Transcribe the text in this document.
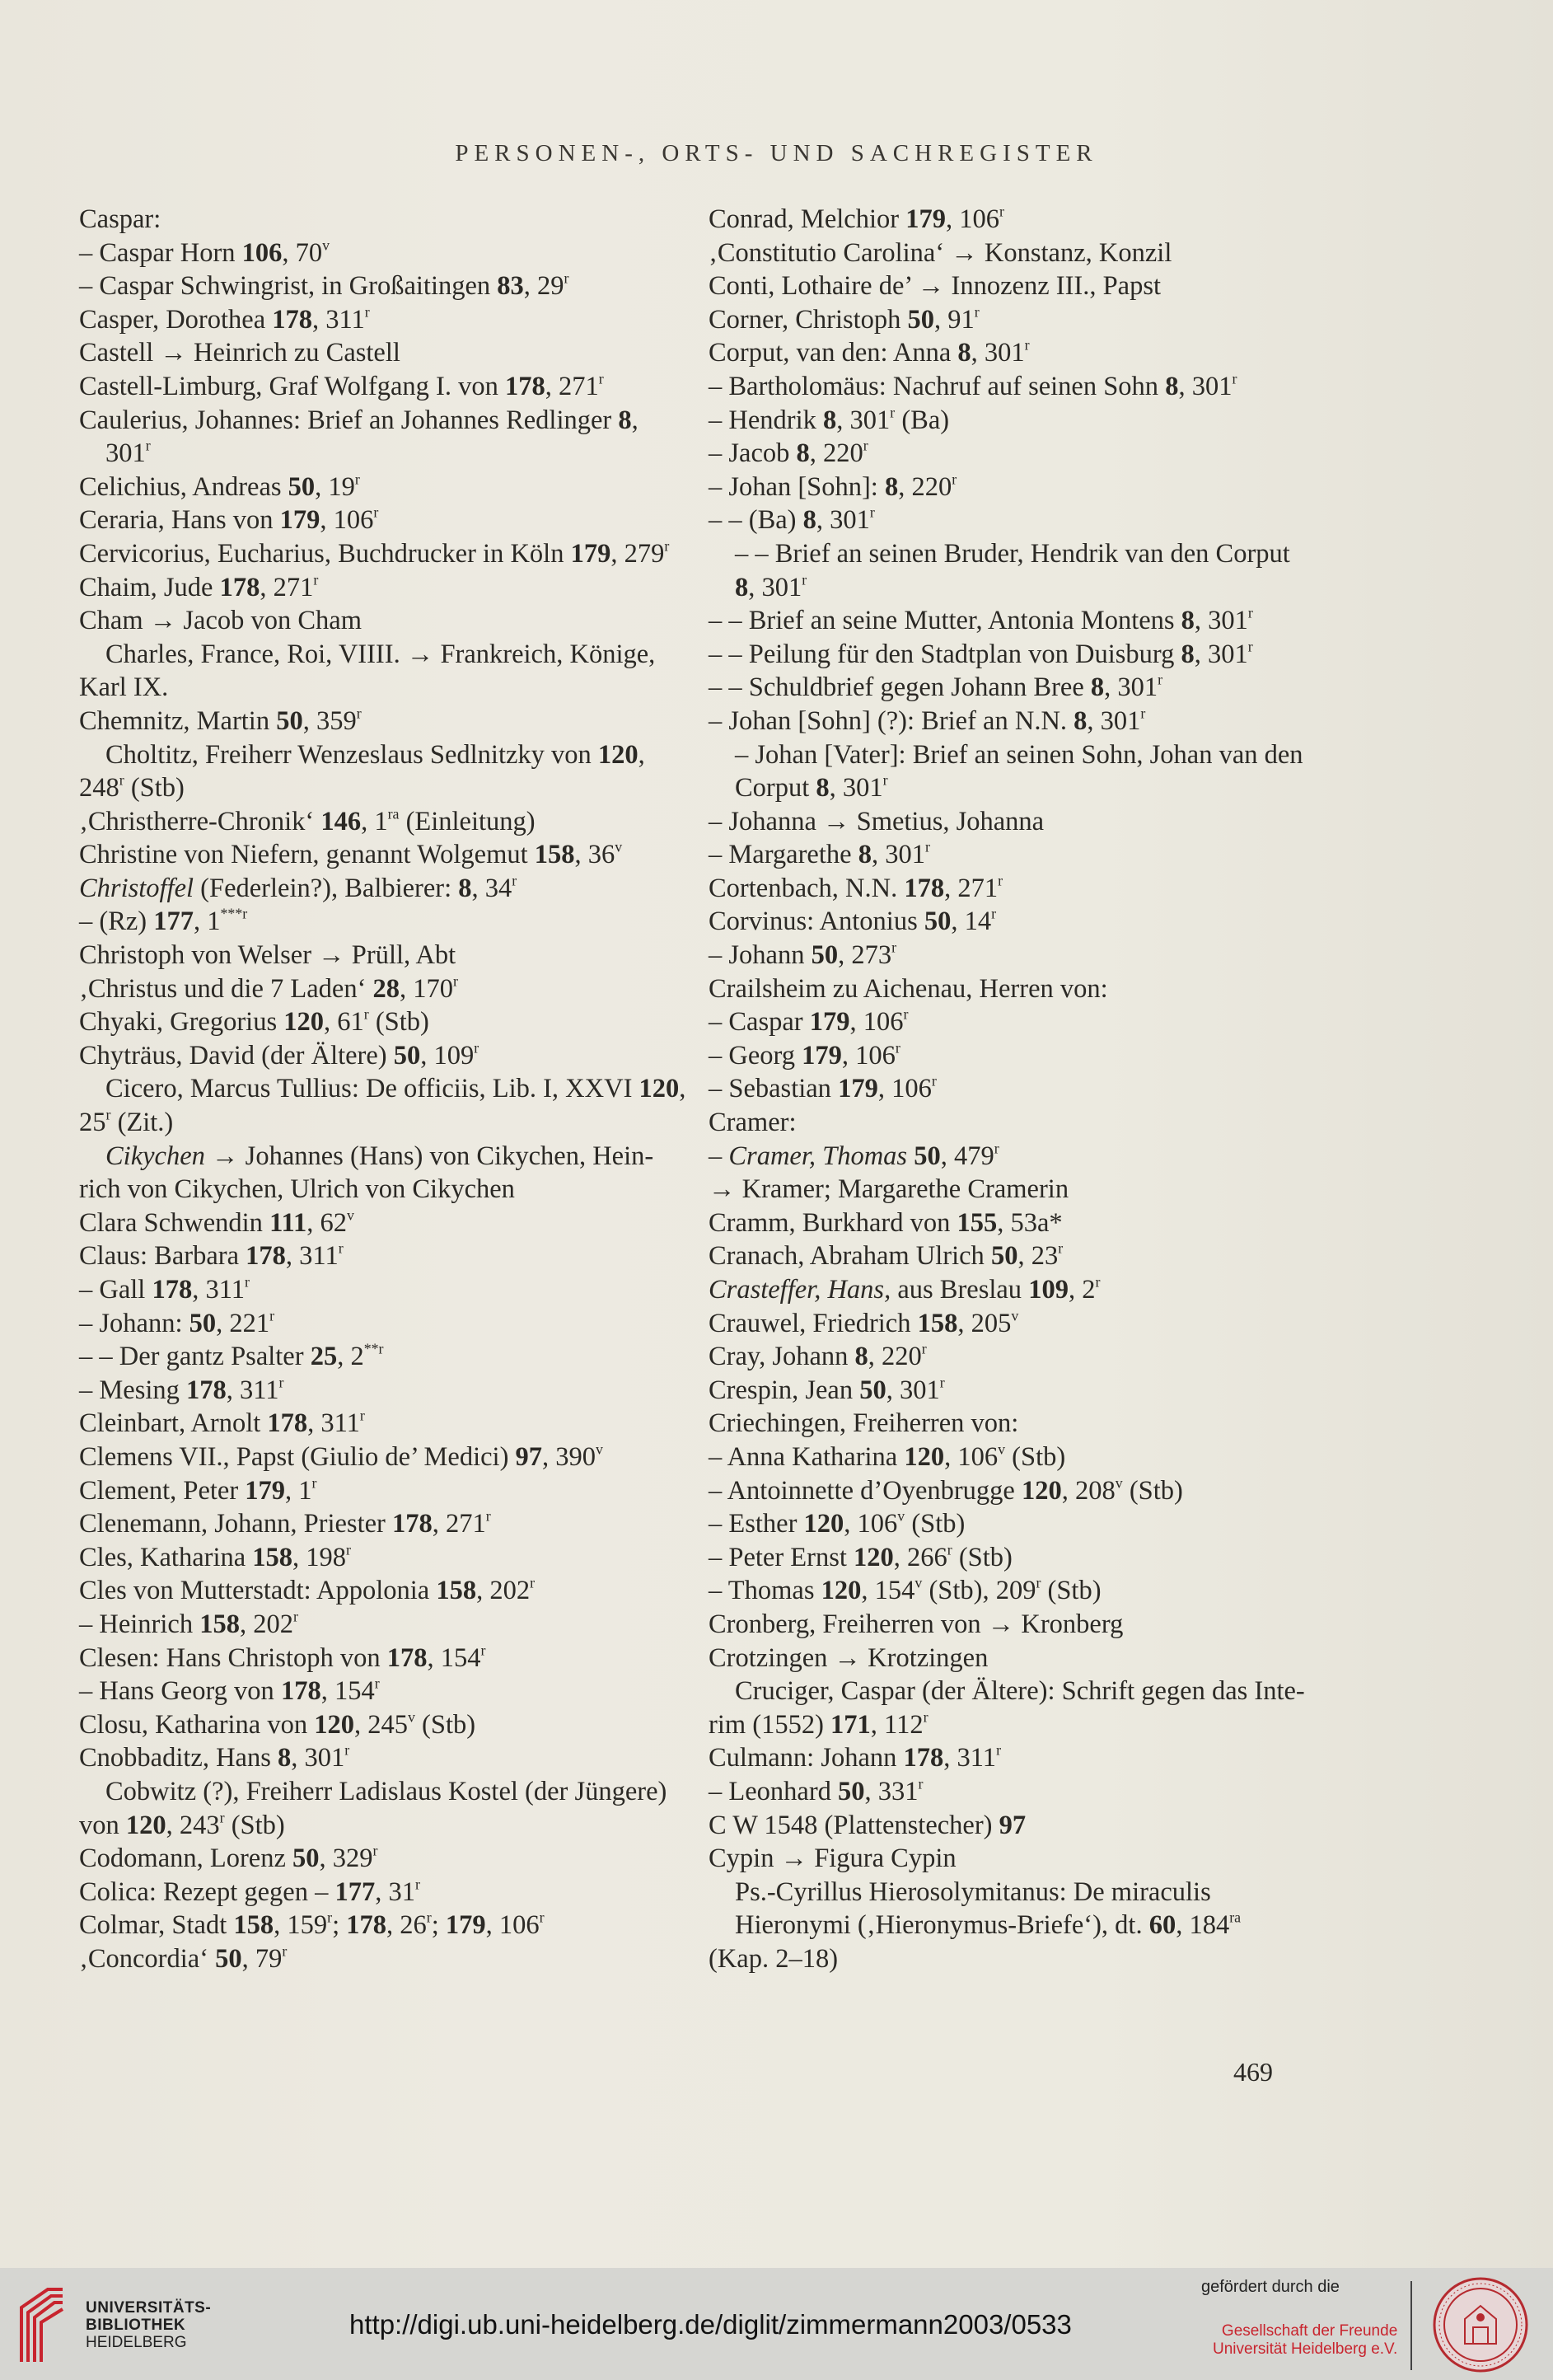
PERSONEN-, ORTS- UND SACHREGISTER
Caspar:
– Caspar Horn 106, 70$^v$
– Caspar Schwingrist, in Großaitingen 83, 29$^r$
Casper, Dorothea 178, 311$^r$
Castell → Heinrich zu Castell
Castell-Limburg, Graf Wolfgang I. von 178, 271$^r$
Caulerius, Johannes: Brief an Johannes Redlinger 8,
301$^r$
Celichius, Andreas 50, 19$^r$
Ceraria, Hans von 179, 106$^r$
Cervicorius, Eucharius, Buchdrucker in Köln 179, 279$^r$
Chaim, Jude 178, 271$^r$
Cham → Jacob von Cham
Charles, France, Roi, VIIII. → Frankreich, Könige,
Karl IX.
Chemnitz, Martin 50, 359$^r$
Choltitz, Freiherr Wenzeslaus Sedlnitzky von 120,
248$^r$ (Stb)
‚Christherre-Chronik‘ 146, $1^{ra}$ (Einleitung)
Christine von Niefern, genannt Wolgemut 158, 36$^v$
Christoffel (Federlein?), Balbierer: 8, 34$^r$
– (Rz) 177, 1$^{***r}$
Christoph von Welser → Prüll, Abt
‚Christus und die 7 Laden‘ 28, 170$^r$
Chyaki, Gregorius 120, 61$^r$ (Stb)
Chyträus, David (der Ältere) 50, 109$^r$
Cicero, Marcus Tullius: De officiis, Lib. I, XXVI 120,
25$^r$ (Zit.)
Cikychen → Johannes (Hans) von Cikychen, Hein-
rich von Cikychen, Ulrich von Cikychen
Clara Schwendin 111, 62$^v$
Claus: Barbara 178, 311$^r$
– Gall 178, 311$^r$
– Johann: 50, 221$^r$
– – Der gantz Psalter 25, 2$^{**r}$
– Mesing 178, 311$^r$
Cleinbart, Arnolt 178, 311$^r$
Clemens VII., Papst (Giulio de’ Medici) 97, 390$^v$
Clement, Peter 179, 1$^r$
Clenemann, Johann, Priester 178, 271$^r$
Cles, Katharina 158, 198$^r$
Cles von Mutterstadt: Appolonia 158, 202$^r$
– Heinrich 158, 202$^r$
Clesen: Hans Christoph von 178, 154$^r$
– Hans Georg von 178, 154$^r$
Closu, Katharina von 120, 245$^v$ (Stb)
Cnobbaditz, Hans 8, 301$^r$
Cobwitz (?), Freiherr Ladislaus Kostel (der Jüngere)
von 120, 243$^r$ (Stb)
Codomann, Lorenz 50, 329$^r$
Colica: Rezept gegen – 177, 31$^r$
Colmar, Stadt 158, 159$^r$; 178, 26$^r$; 179, 106$^r$
‚Concordia‘ 50, 79$^r$
Conrad, Melchior 179, 106$^r$
‚Constitutio Carolina‘ → Konstanz, Konzil
Conti, Lothaire de’ → Innozenz III., Papst
Corner, Christoph 50, 91$^r$
Corput, van den: Anna 8, 301$^r$
– Bartholomäus: Nachruf auf seinen Sohn 8, 301$^r$
– Hendrik 8, 301$^r$ (Ba)
– Jacob 8, 220$^r$
– Johan [Sohn]: 8, 220$^r$
– – (Ba) 8, 301$^r$
– – Brief an seinen Bruder, Hendrik van den Corput
8, 301$^r$
– – Brief an seine Mutter, Antonia Montens 8, 301$^r$
– – Peilung für den Stadtplan von Duisburg 8, 301$^r$
– – Schuldbrief gegen Johann Bree 8, 301$^r$
– Johan [Sohn] (?): Brief an N.N. 8, 301$^r$
– Johan [Vater]: Brief an seinen Sohn, Johan van den
Corput 8, 301$^r$
– Johanna → Smetius, Johanna
– Margarethe 8, 301$^r$
Cortenbach, N.N. 178, 271$^r$
Corvinus: Antonius 50, 14$^r$
– Johann 50, 273$^r$
Crailsheim zu Aichenau, Herren von:
– Caspar 179, 106$^r$
– Georg 179, 106$^r$
– Sebastian 179, 106$^r$
Cramer:
– Cramer, Thomas 50, $479^r$
→ Kramer; Margarethe Cramerin
Cramm, Burkhard von 155, 53a*
Cranach, Abraham Ulrich 50, 23$^r$
Crasteffer, Hans, aus Breslau 109, 2$^r$
Crauwel, Friedrich 158, 205$^v$
Cray, Johann 8, 220$^r$
Crespin, Jean 50, 301$^r$
Criechingen, Freiherren von:
– Anna Katharina 120, 106$^v$ (Stb)
– Antoinnette d’Oyenbrugge 120, 208$^v$ (Stb)
– Esther 120, 106$^v$ (Stb)
– Peter Ernst 120, 266$^r$ (Stb)
– Thomas 120, 154$^v$ (Stb), 209$^r$ (Stb)
Cronberg, Freiherren von → Kronberg
Crotzingen → Krotzingen
Cruciger, Caspar (der Ältere): Schrift gegen das Inte-
rim (1552) 171, 112$^r$
Culmann: Johann 178, 311$^r$
– Leonhard 50, 331$^r$
C W 1548 (Plattenstecher) 97
Cypin → Figura Cypin
Ps.-Cyrillus Hierosolymitanus: De miraculis
Hieronymi (‚Hieronymus-Briefe‘), dt. 60, $184^{ra}$
(Kap. 2–18)
469
UNIVERSITÄTS-
BIBLIOTHEK
HEIDELBERG
http://digi.ub.uni-heidelberg.de/diglit/zimmermann2003/0533
gefördert durch die
Gesellschaft der Freunde
Universität Heidelberg e.V.
